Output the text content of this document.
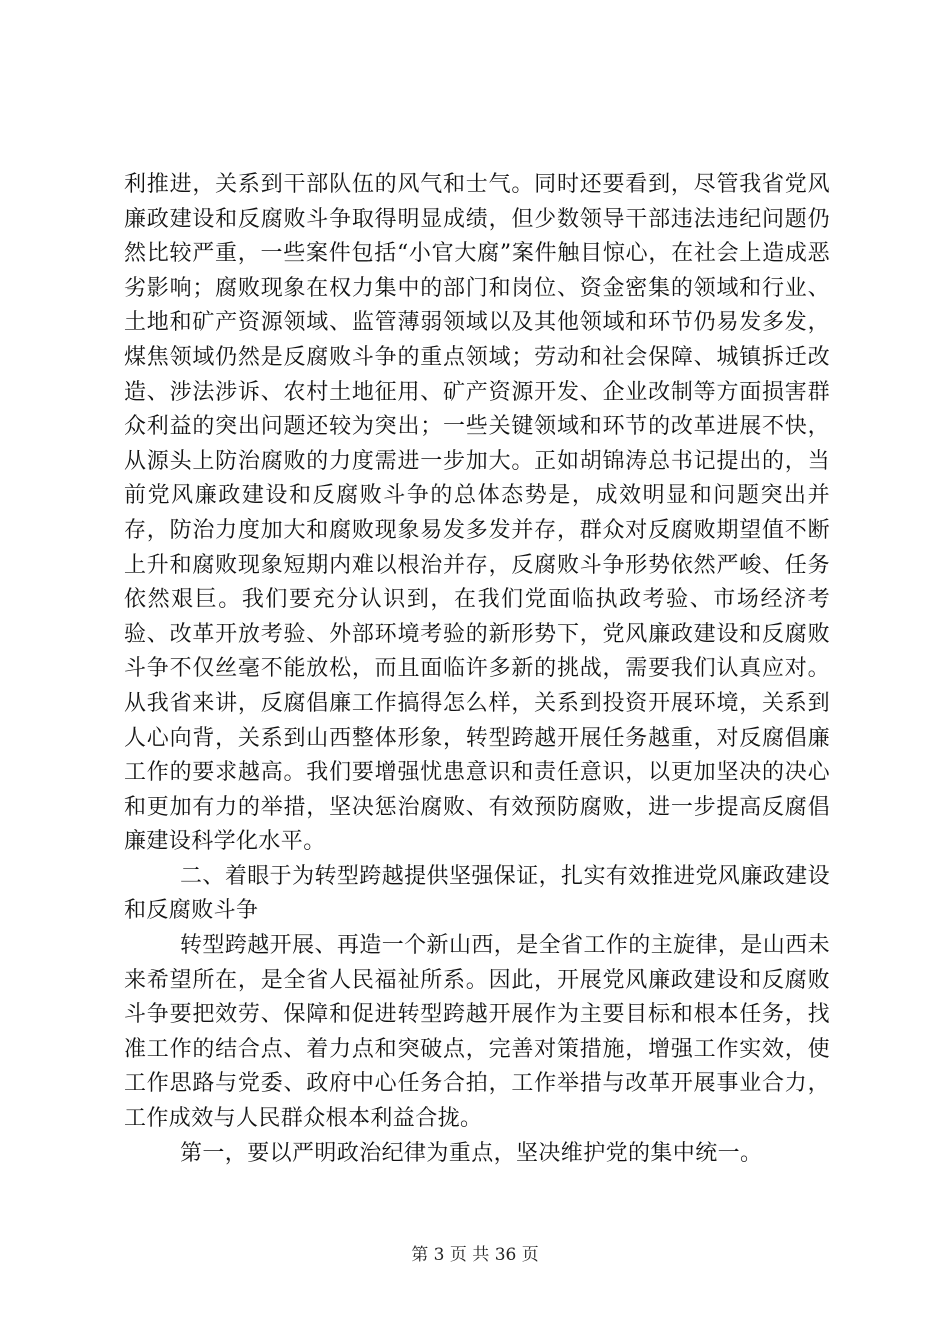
利推进，关系到干部队伍的风气和士气。同时还要看到，尽管我省党风廉政建设和反腐败斗争取得明显成绩，但少数领导干部违法违纪问题仍然比较严重，一些案件包括“小官大腐”案件触目惊心，在社会上造成恶劣影响；腐败现象在权力集中的部门和岗位、资金密集的领域和行业、土地和矿产资源领域、监管薄弱领域以及其他领域和环节仍易发多发，煤焦领域仍然是反腐败斗争的重点领域；劳动和社会保障、城镇拆迁改造、涉法涉诉、农村土地征用、矿产资源开发、企业改制等方面损害群众利益的突出问题还较为突出；一些关键领域和环节的改革进展不快，从源头上防治腐败的力度需进一步加大。正如胡锦涛总书记提出的，当前党风廉政建设和反腐败斗争的总体态势是，成效明显和问题突出并存，防治力度加大和腐败现象易发多发并存，群众对反腐败期望值不断上升和腐败现象短期内难以根治并存，反腐败斗争形势依然严峻、任务依然艰巨。我们要充分认识到，在我们党面临执政考验、市场经济考验、改革开放考验、外部环境考验的新形势下，党风廉政建设和反腐败斗争不仅丝毫不能放松，而且面临许多新的挑战，需要我们认真应对。从我省来讲，反腐倡廉工作搞得怎么样，关系到投资开展环境，关系到人心向背，关系到山西整体形象，转型跨越开展任务越重，对反腐倡廉工作的要求越高。我们要增强忧患意识和责任意识，以更加坚决的决心和更加有力的举措，坚决惩治腐败、有效预防腐败，进一步提高反腐倡廉建设科学化水平。

二、着眼于为转型跨越提供坚强保证，扎实有效推进党风廉政建设和反腐败斗争

转型跨越开展、再造一个新山西，是全省工作的主旋律，是山西未来希望所在，是全省人民福祉所系。因此，开展党风廉政建设和反腐败斗争要把效劳、保障和促进转型跨越开展作为主要目标和根本任务，找准工作的结合点、着力点和突破点，完善对策措施，增强工作实效，使工作思路与党委、政府中心任务合拍，工作举措与改革开展事业合力，工作成效与人民群众根本利益合拢。

第一，要以严明政治纪律为重点，坚决维护党的集中统一。

第 3 页 共 36 页
